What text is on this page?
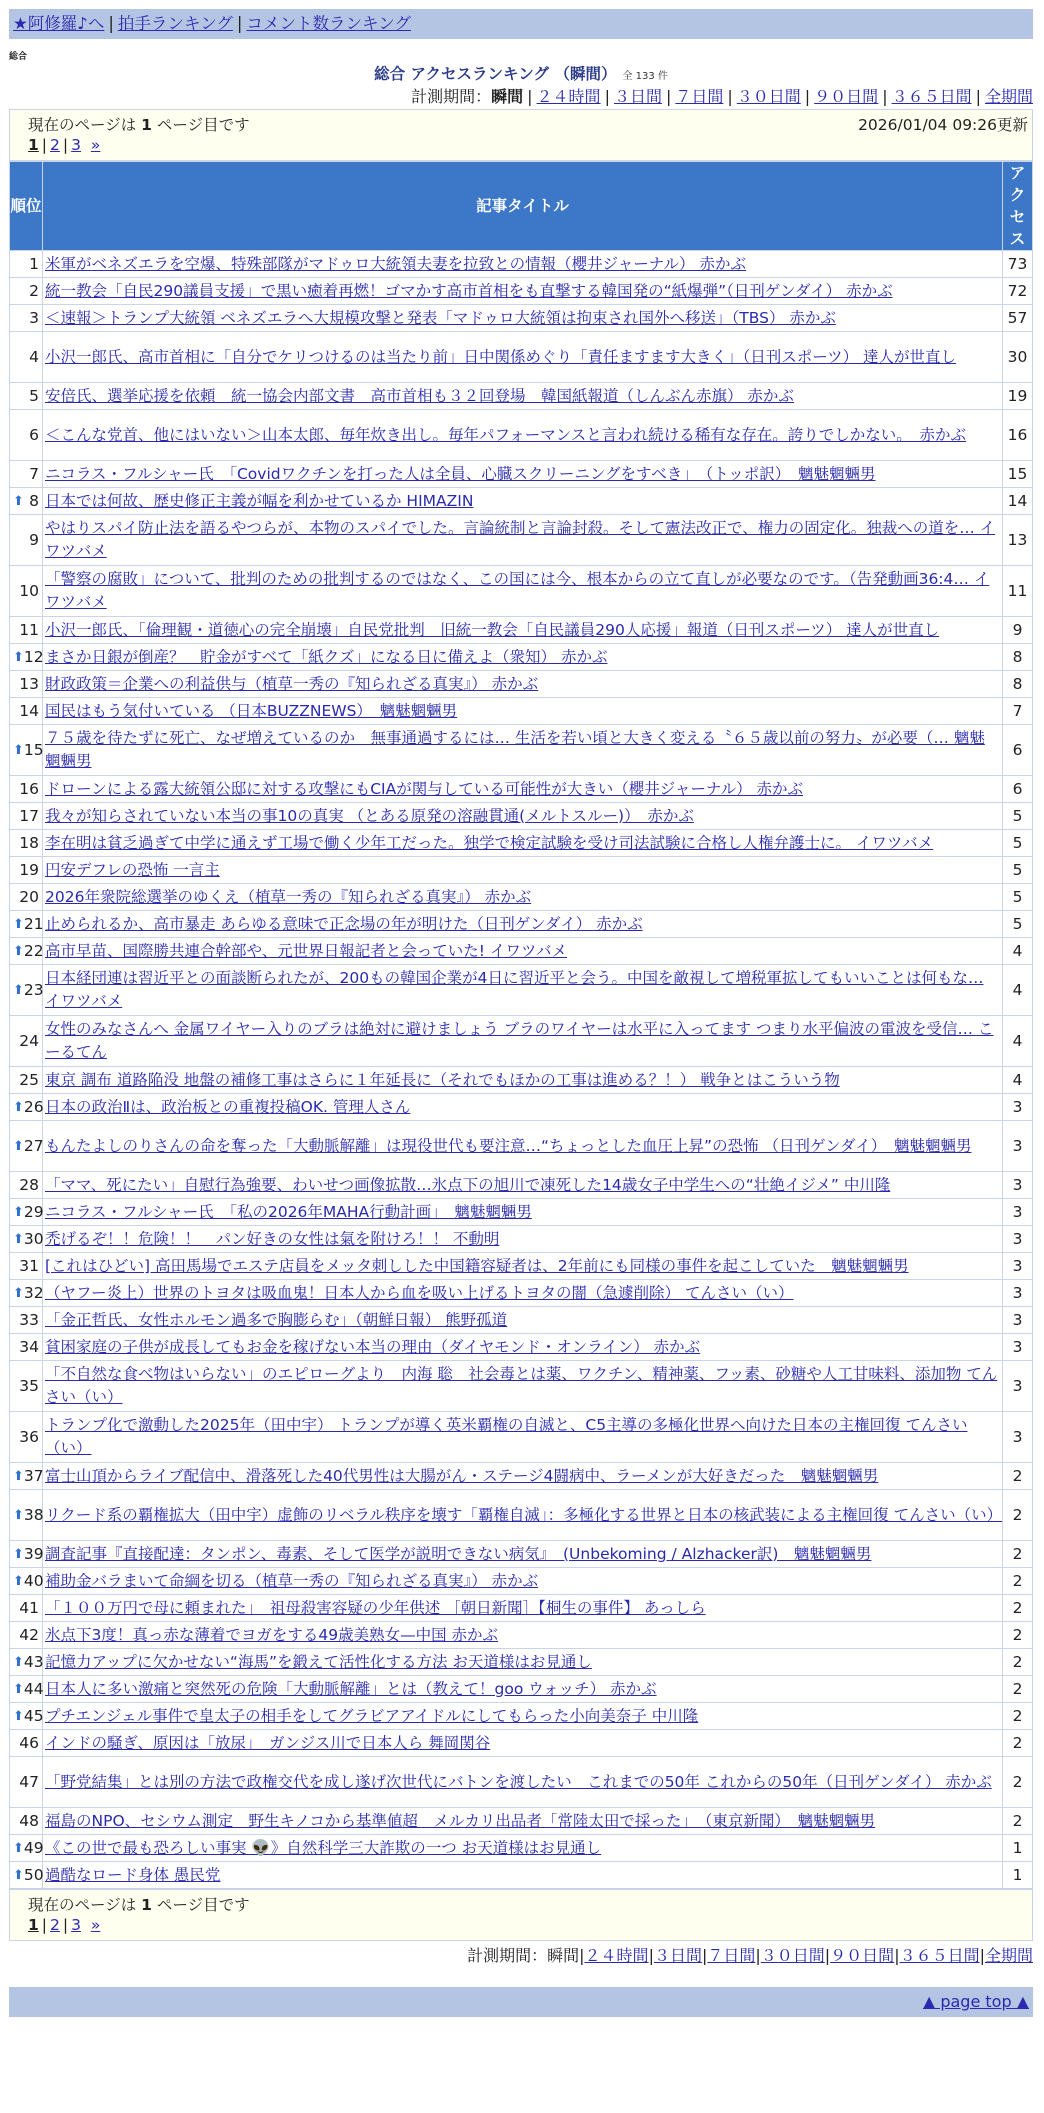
★阿修羅♪へ | 拍手ランキング | コメント数ランキング
総合
総合 アクセスランキング （瞬間） 全 133 件
計測期間：瞬間 | ２４時間 | ３日間 | ７日間 | ３０日間 | ９０日間 | ３６５日間 | 全期間
現在のページは 1 ページ目です	2026/01/04 09:26更新
1 | 2 | 3 »
順位	記事タイトル	アクセス
1	米軍がベネズエラを空爆、特殊部隊がマドゥロ大統領夫妻を拉致との情報（櫻井ジャーナル） 赤かぶ	73
2	統一教会「自民290議員支援」で黒い癒着再燃！ゴマかす高市首相をも直撃する韓国発の“紙爆弾”（日刊ゲンダイ） 赤かぶ	72
3	＜速報＞トランプ大統領 ベネズエラへ大規模攻撃と発表「マドゥロ大統領は拘束され国外へ移送」（TBS） 赤かぶ	57
4	小沢一郎氏、高市首相に「自分でケリつけるのは当たり前」日中関係めぐり「責任ますます大きく」（日刊スポーツ） 達人が世直し	30
5	安倍氏、選挙応援を依頼　統一協会内部文書　高市首相も３２回登場　韓国紙報道（しんぶん赤旗） 赤かぶ	19
6	＜こんな党首、他にはいない＞山本太郎、毎年炊き出し。毎年パフォーマンスと言われ続ける稀有な存在。誇りでしかない。　赤かぶ	16
7	ニコラス・フルシャー氏　「Covidワクチンを打った人は全員、心臓スクリーニングをすべき」　（トッポ訳）　魑魅魍魎男	15

⬆ 8	日本では何故、歴史修正主義が幅を利かせているか HIMAZIN	14
9	やはりスパイ防止法を語るやつらが、本物のスパイでした。言論統制と言論封殺。そして憲法改正で、権力の固定化。独裁への道を… イワツバメ	13
10	「警察の腐敗」について、批判のための批判するのではなく、この国には今、根本からの立て直しが必要なのです。（告発動画36:4… イワツバメ	11
11	小沢一郎氏、「倫理観・道徳心の完全崩壊」自民党批判　旧統一教会「自民議員290人応援」報道（日刊スポーツ） 達人が世直し	9

⬆ 12	まさか日銀が倒産？　貯金がすべて「紙クズ」になる日に備えよ（衆知） 赤かぶ	8
13	財政政策＝企業への利益供与（植草一秀の『知られざる真実』） 赤かぶ	8
14	国民はもう気付いている （日本BUZZNEWS）　魑魅魍魎男	7

⬆ 15	７５歳を待たずに死亡、なぜ増えているのか　無事通過するには… 生活を若い頃と大きく変える〝６５歳以前の努力〟が必要（… 魑魅魍魎男	6
16	ドローンによる露大統領公邸に対する攻撃にもCIAが関与している可能性が大きい（櫻井ジャーナル） 赤かぶ	6
17	我々が知らされていない本当の事10の真実 （とある原発の溶融貫通(メルトスルー)）　赤かぶ	5
18	李在明は貧乏過ぎて中学に通えず工場で働く少年工だった。独学で検定試験を受け司法試験に合格し人権弁護士に。 イワツバメ	5
19	円安デフレの恐怖 一言主	5
20	2026年衆院総選挙のゆくえ（植草一秀の『知られざる真実』） 赤かぶ	5

⬆ 21	止められるか、高市暴走 あらゆる意味で正念場の年が明けた（日刊ゲンダイ） 赤かぶ	5

⬆ 22	高市早苗、国際勝共連合幹部や、元世界日報記者と会っていた! イワツバメ	4

⬆ 23	日本経団連は習近平との面談断られたが、200もの韓国企業が4日に習近平と会う。中国を敵視して増税軍拡してもいいことは何もな… イワツバメ	4
24	女性のみなさんへ 金属ワイヤー入りのブラは絶対に避けましょう ブラのワイヤーは水平に入ってます つまり水平偏波の電波を受信… こーるてん	4
25	東京 調布 道路陥没 地盤の補修工事はさらに１年延長に（それでもほかの工事は進める？！） 戦争とはこういう物	4

⬆ 26	日本の政治Ⅱは、政治板との重複投稿OK. 管理人さん	3

⬆ 27	もんたよしのりさんの命を奪った「大動脈解離」は現役世代も要注意…“ちょっとした血圧上昇”の恐怖 （日刊ゲンダイ）　魑魅魍魎男	3
28	「ママ、死にたい」自慰行為強要、わいせつ画像拡散…氷点下の旭川で凍死した14歳女子中学生への“壮絶イジメ” 中川隆	3

⬆ 29	ニコラス・フルシャー氏　「私の2026年MAHA行動計画」　魑魅魍魎男	3

⬆ 30	禿げるぞ！！危険！！　パン好きの女性は氣を附けろ！！ 不動明	3
31	[これはひどい] 高田馬場でエステ店員をメッタ刺しした中国籍容疑者は、2年前にも同様の事件を起こしていた　魑魅魍魎男	3

⬆ 32	（ヤフー炎上）世界のトヨタは吸血鬼！日本人から血を吸い上げるトヨタの闇（急遽削除） てんさい（い）	3
33	「金正哲氏、女性ホルモン過多で胸膨らむ」（朝鮮日報） 熊野孤道	3
34	貧困家庭の子供が成長してもお金を稼げない本当の理由（ダイヤモンド・オンライン） 赤かぶ	3
35	「不自然な食べ物はいらない」のエピローグより　内海 聡　社会毒とは薬、ワクチン、精神薬、フッ素、砂糖や人工甘味料、添加物 てんさい（い）	3
36	トランプ化で激動した2025年（田中宇） トランプが導く英米覇権の自滅と、C5主導の多極化世界へ向けた日本の主権回復 てんさい（い）	3

⬆ 37	富士山頂からライブ配信中、滑落死した40代男性は大腸がん・ステージ4闘病中、ラーメンが大好きだった　魑魅魍魎男	2

⬆ 38	リクード系の覇権拡大（田中宇）虚飾のリベラル秩序を壊す「覇権自滅」：多極化する世界と日本の核武装による主権回復 てんさい（い）	2

⬆ 39	調査記事『直接配達：タンポン、毒素、そして医学が説明できない病気』　(Unbekoming / Alzhacker訳)　魑魅魍魎男	2

⬆ 40	補助金バラまいて命綱を切る（植草一秀の『知られざる真実』） 赤かぶ	2
41	「１００万円で母に頼まれた」　祖母殺害容疑の少年供述 ［朝日新聞］【桐生の事件】 あっしら	2
42	氷点下3度！真っ赤な薄着でヨガをする49歳美熟女—中国 赤かぶ	2

⬆ 43	記憶力アップに欠かせない“海馬”を鍛えて活性化する方法 お天道様はお見通し	2

⬆ 44	日本人に多い激痛と突然死の危険「大動脈解離」とは（教えて！goo ウォッチ） 赤かぶ	2

⬆ 45	プチエンジェル事件で皇太子の相手をしてグラビアアイドルにしてもらった小向美奈子 中川隆	2
46	インドの騒ぎ、原因は「放尿」　ガンジス川で日本人ら 舞岡関谷	2
47	「野党結集」とは別の方法で政権交代を成し遂げ次世代にバトンを渡したい　これまでの50年 これからの50年（日刊ゲンダイ） 赤かぶ	2
48	福島のNPO、セシウム測定　野生キノコから基準値超　メルカリ出品者「常陸太田で採った」　（東京新聞）　魑魅魍魎男	2

⬆ 49	《この世で最も恐ろしい事実 👽》自然科学三大詐欺の一つ お天道様はお見通し	1

⬆ 50	過酷なロード身体 愚民党	1
現在のページは 1 ページ目です
1 | 2 | 3 »
計測期間：瞬間|２４時間|３日間|７日間|３０日間|９０日間|３６５日間|全期間
▲ page top ▲
